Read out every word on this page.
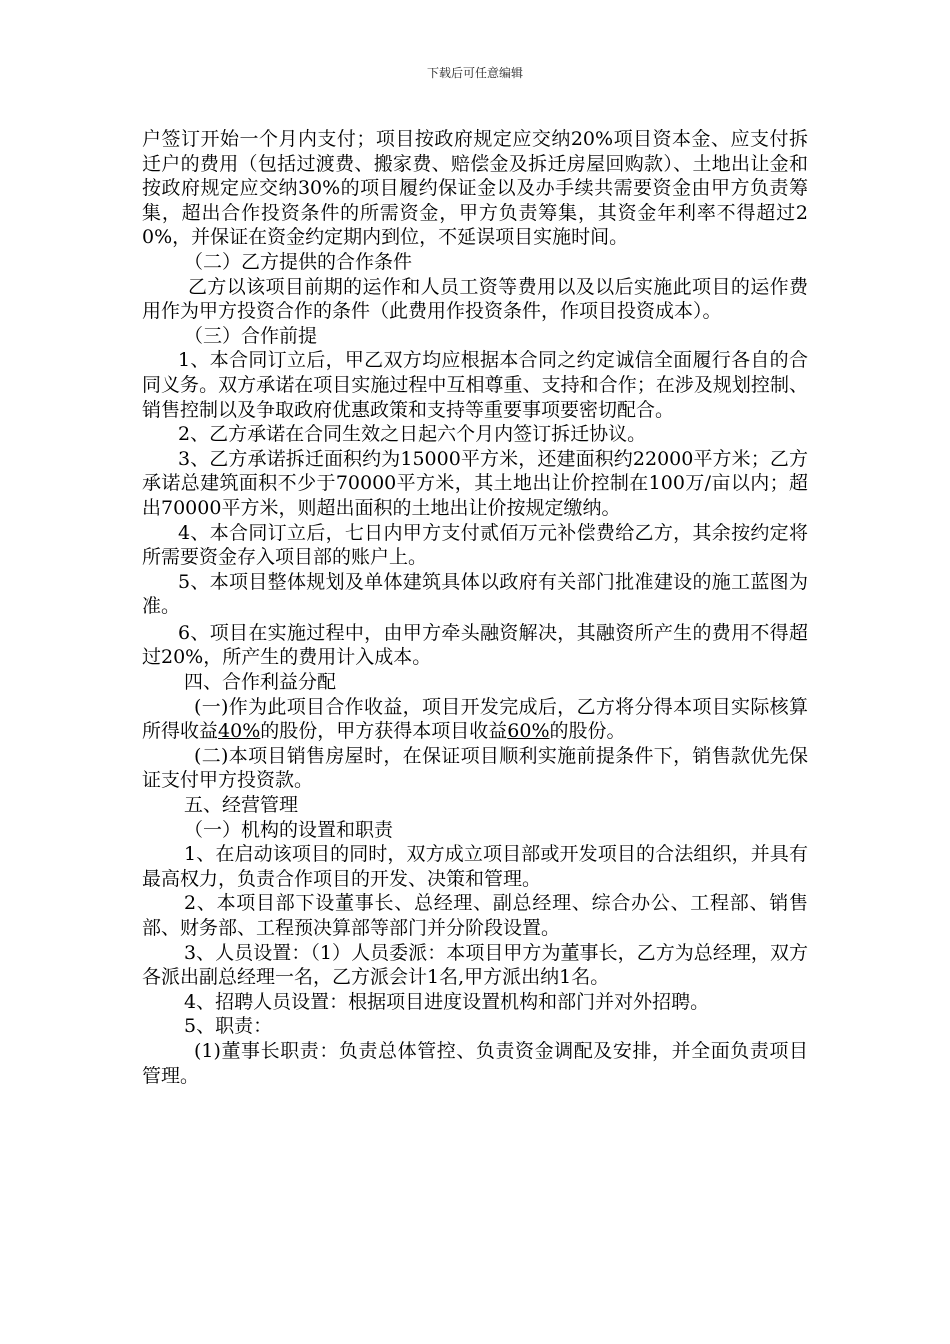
下载后可任意编辑

户签订开始一个月内支付；项目按政府规定应交纳20%项目资本金、应支付拆迁户的费用（包括过渡费、搬家费、赔偿金及拆迁房屋回购款）、土地出让金和按政府规定应交纳30%的项目履约保证金以及办手续共需要资金由甲方负责筹集，超出合作投资条件的所需资金，甲方负责筹集，其资金年利率不得超过20%，并保证在资金约定期内到位，不延误项目实施时间。

（二）乙方提供的合作条件

乙方以该项目前期的运作和人员工资等费用以及以后实施此项目的运作费用作为甲方投资合作的条件（此费用作投资条件，作项目投资成本）。

（三）合作前提

1、本合同订立后，甲乙双方均应根据本合同之约定诚信全面履行各自的合同义务。双方承诺在项目实施过程中互相尊重、支持和合作；在涉及规划控制、销售控制以及争取政府优惠政策和支持等重要事项要密切配合。

2、乙方承诺在合同生效之日起六个月内签订拆迁协议。

3、乙方承诺拆迁面积约为15000平方米，还建面积约22000平方米；乙方承诺总建筑面积不少于70000平方米，其土地出让价控制在100万/亩以内；超出70000平方米，则超出面积的土地出让价按规定缴纳。

4、本合同订立后，七日内甲方支付贰佰万元补偿费给乙方，其余按约定将所需要资金存入项目部的账户上。

5、本项目整体规划及单体建筑具体以政府有关部门批准建设的施工蓝图为准。

6、项目在实施过程中，由甲方牵头融资解决，其融资所产生的费用不得超过20%，所产生的费用计入成本。

四、合作利益分配

(一)作为此项目合作收益，项目开发完成后，乙方将分得本项目实际核算所得收益40%的股份，甲方获得本项目收益60%的股份。

(二)本项目销售房屋时，在保证项目顺利实施前提条件下，销售款优先保证支付甲方投资款。

五、经营管理

（一）机构的设置和职责

1、在启动该项目的同时，双方成立项目部或开发项目的合法组织，并具有最高权力，负责合作项目的开发、决策和管理。

2、本项目部下设董事长、总经理、副总经理、综合办公、工程部、销售部、财务部、工程预决算部等部门并分阶段设置。

3、人员设置：（1）人员委派：本项目甲方为董事长，乙方为总经理，双方各派出副总经理一名，乙方派会计1名,甲方派出纳1名。

4、招聘人员设置：根据项目进度设置机构和部门并对外招聘。

5、职责：

(1)董事长职责：负责总体管控、负责资金调配及安排，并全面负责项目管理。
